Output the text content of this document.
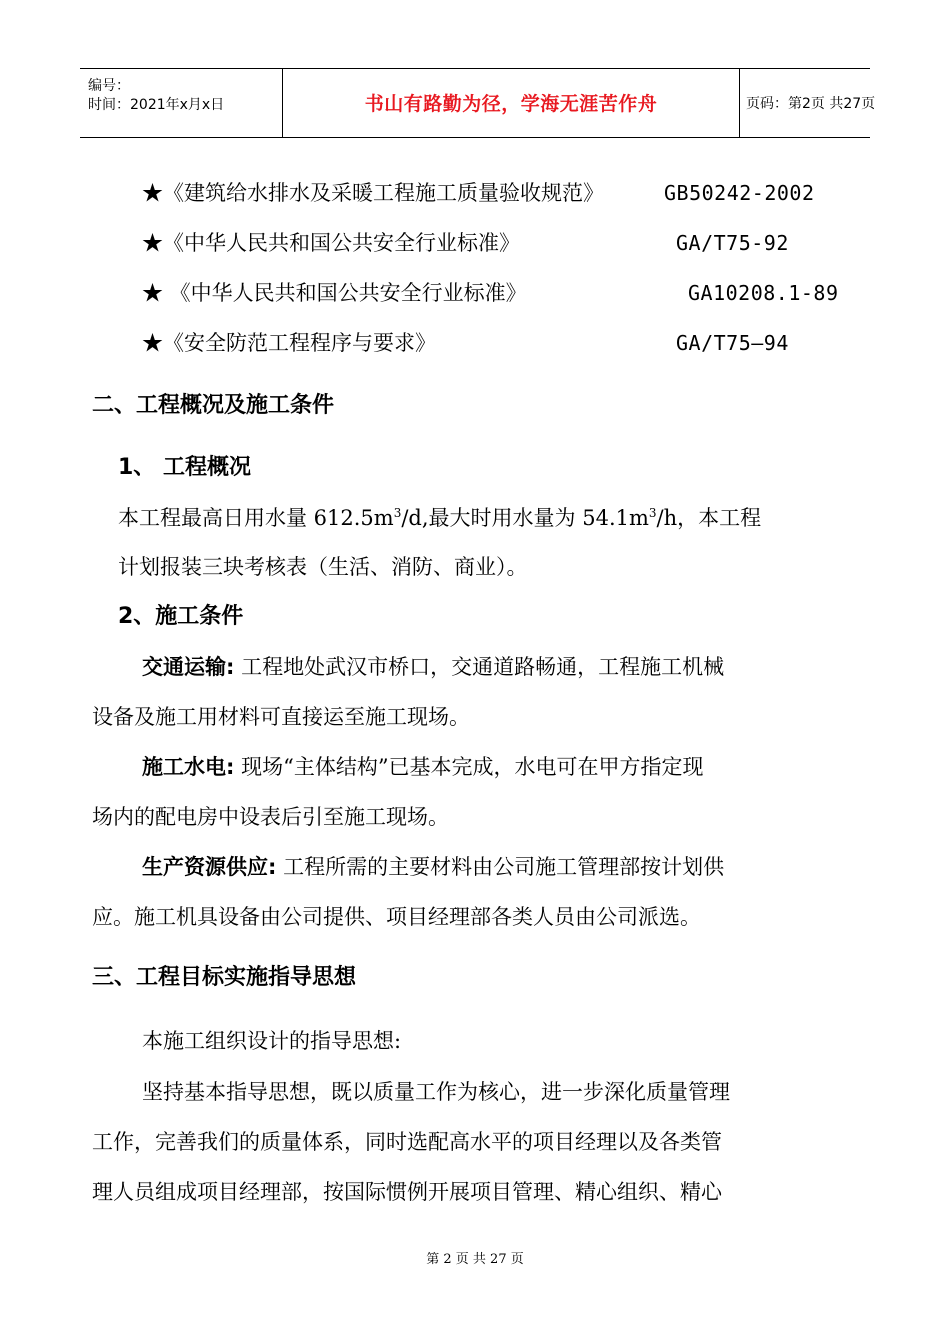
编号：
时间：2021年x月x日	书山有路勤为径，学海无涯苦作舟	页码：第2页 共27页
★《建筑给水排水及采暖工程施工质量验收规范》	GB50242-2002
★《中华人民共和国公共安全行业标准》	GA/T75-92
★ 《中华人民共和国公共安全行业标准》	GA10208.1-89
★《安全防范工程程序与要求》	GA/T75—94
二、工程概况及施工条件
1、 工程概况
本工程最高日用水量 $612.5m^3/d$,最大时用水量为 $54.1m^3/h$，本工程
计划报装三块考核表（生活、消防、商业）。
2、施工条件
交通运输: 工程地处武汉市桥口，交通道路畅通，工程施工机械
设备及施工用材料可直接运至施工现场。
施工水电: 现场“主体结构”已基本完成，水电可在甲方指定现
场内的配电房中设表后引至施工现场。
生产资源供应: 工程所需的主要材料由公司施工管理部按计划供
应。施工机具设备由公司提供、项目经理部各类人员由公司派选。
三、工程目标实施指导思想
本施工组织设计的指导思想:
坚持基本指导思想，既以质量工作为核心，进一步深化质量管理
工作，完善我们的质量体系，同时选配高水平的项目经理以及各类管
理人员组成项目经理部，按国际惯例开展项目管理、精心组织、精心
第 2 页 共 27 页
